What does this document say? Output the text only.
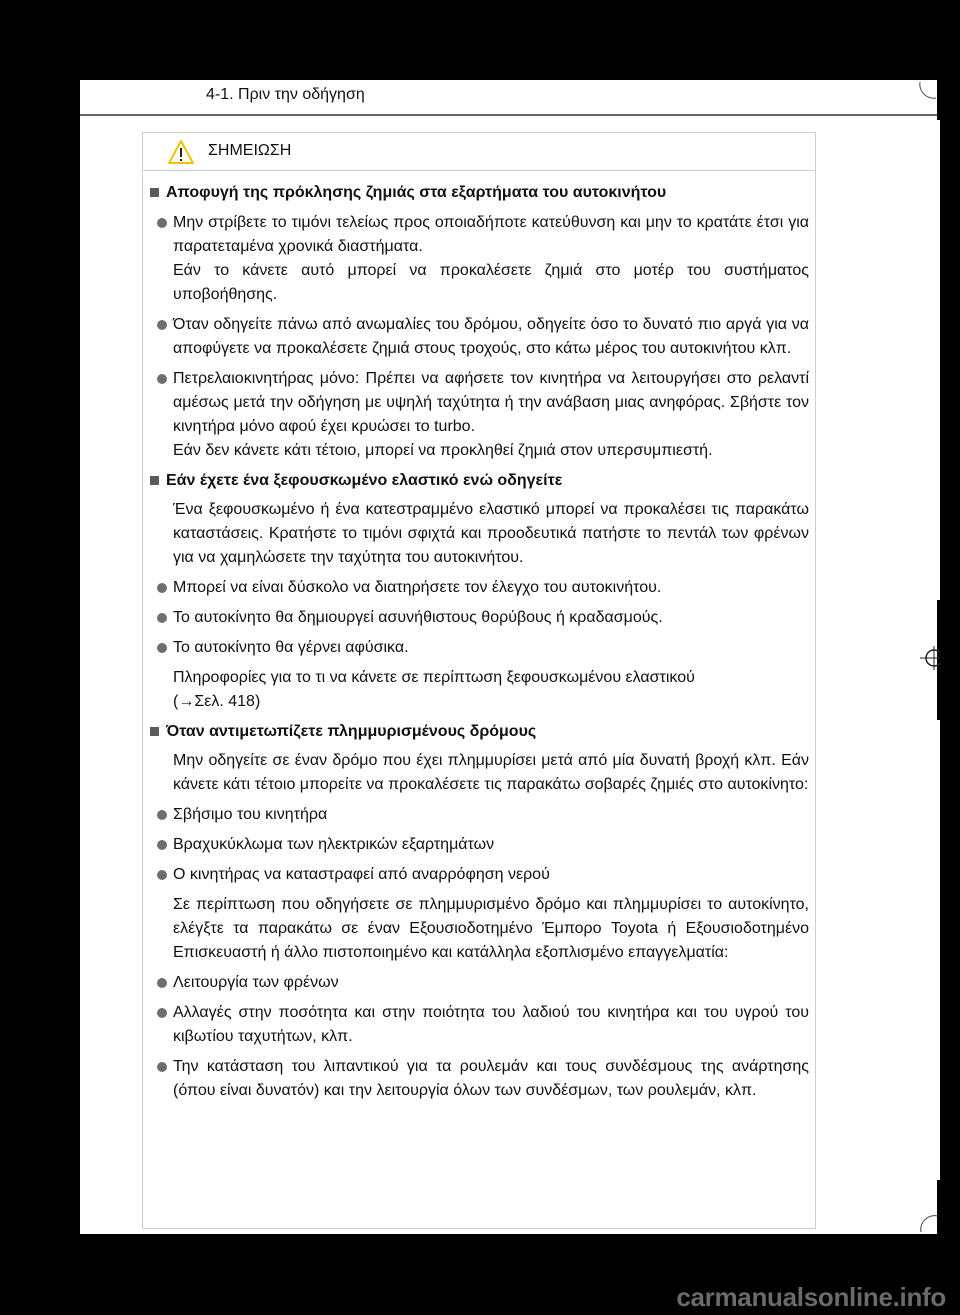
4-1. Πριν την οδήγηση
ΣΗΜΕΙΩΣΗ
Αποφυγή της πρόκλησης ζημιάς στα εξαρτήματα του αυτοκινήτου
Μην στρίβετε το τιμόνι τελείως προς οποιαδήποτε κατεύθυνση και μην το κρατάτε έτσι για παρατεταμένα χρονικά διαστήματα.
Εάν το κάνετε αυτό μπορεί να προκαλέσετε ζημιά στο μοτέρ του συστήματος υποβοήθησης.
Όταν οδηγείτε πάνω από ανωμαλίες του δρόμου, οδηγείτε όσο το δυνατό πιο αργά για να αποφύγετε να προκαλέσετε ζημιά στους τροχούς, στο κάτω μέρος του αυτοκινήτου κλπ.
Πετρελαιοκινητήρας μόνο: Πρέπει να αφήσετε τον κινητήρα να λειτουργήσει στο ρελαντί αμέσως μετά την οδήγηση με υψηλή ταχύτητα ή την ανάβαση μιας ανηφόρας. Σβήστε τον κινητήρα μόνο αφού έχει κρυώσει το turbo.
Εάν δεν κάνετε κάτι τέτοιο, μπορεί να προκληθεί ζημιά στον υπερσυμπιεστή.
Εάν έχετε ένα ξεφουσκωμένο ελαστικό ενώ οδηγείτε
Ένα ξεφουσκωμένο ή ένα κατεστραμμένο ελαστικό μπορεί να προκαλέσει τις παρακάτω καταστάσεις. Κρατήστε το τιμόνι σφιχτά και προοδευτικά πατήστε το πεντάλ των φρένων για να χαμηλώσετε την ταχύτητα του αυτοκινήτου.
Μπορεί να είναι δύσκολο να διατηρήσετε τον έλεγχο του αυτοκινήτου.
Το αυτοκίνητο θα δημιουργεί ασυνήθιστους θορύβους ή κραδασμούς.
Το αυτοκίνητο θα γέρνει αφύσικα.
Πληροφορίες για το τι να κάνετε σε περίπτωση ξεφουσκωμένου ελαστικού
(→Σελ. 418)
Όταν αντιμετωπίζετε πλημμυρισμένους δρόμους
Μην οδηγείτε σε έναν δρόμο που έχει πλημμυρίσει μετά από μία δυνατή βροχή κλπ. Εάν κάνετε κάτι τέτοιο μπορείτε να προκαλέσετε τις παρακάτω σοβαρές ζημιές στο αυτοκίνητο:
Σβήσιμο του κινητήρα
Βραχυκύκλωμα των ηλεκτρικών εξαρτημάτων
Ο κινητήρας να καταστραφεί από αναρρόφηση νερού
Σε περίπτωση που οδηγήσετε σε πλημμυρισμένο δρόμο και πλημμυρίσει το αυτοκίνητο, ελέγξτε τα παρακάτω σε έναν Εξουσιοδοτημένο Έμπορο Toyota ή Εξουσιοδοτημένο Επισκευαστή ή άλλο πιστοποιημένο και κατάλληλα εξοπλισμένο επαγγελματία:
Λειτουργία των φρένων
Αλλαγές στην ποσότητα και στην ποιότητα του λαδιού του κινητήρα και του υγρού του κιβωτίου ταχυτήτων, κλπ.
Την κατάσταση του λιπαντικού για τα ρουλεμάν και τους συνδέσμους της ανάρτησης (όπου είναι δυνατόν) και την λειτουργία όλων των συνδέσμων, των ρουλεμάν, κλπ.
carmanualsonline.info
